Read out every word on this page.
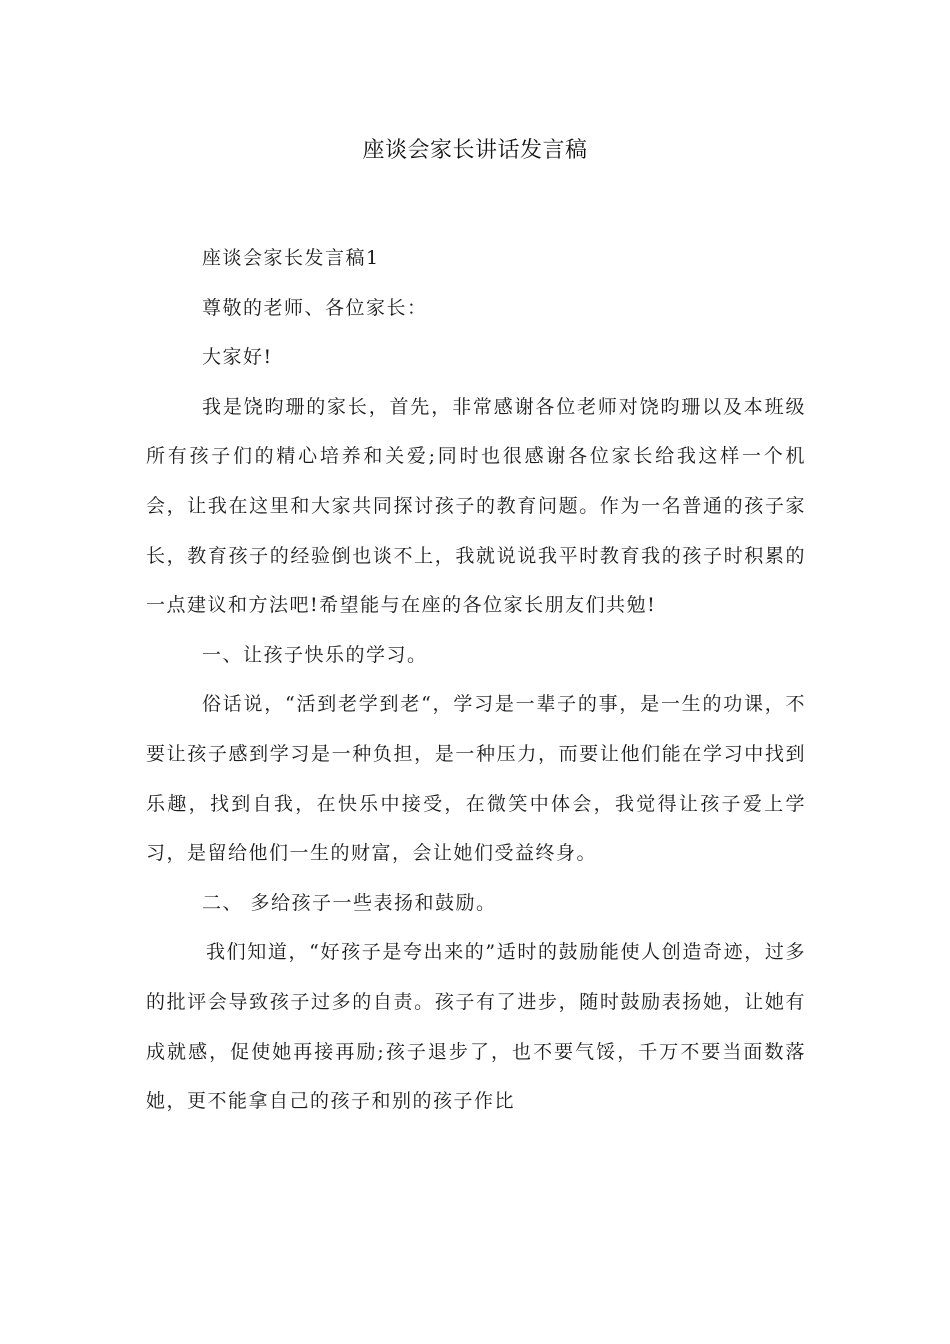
座谈会家长讲话发言稿

座谈会家长发言稿1

尊敬的老师、各位家长：

大家好!

我是饶昀珊的家长，首先，非常感谢各位老师对饶昀珊以及本班级所有孩子们的精心培养和关爱;同时也很感谢各位家长给我这样一个机会，让我在这里和大家共同探讨孩子的教育问题。作为一名普通的孩子家长，教育孩子的经验倒也谈不上，我就说说我平时教育我的孩子时积累的一点建议和方法吧!希望能与在座的各位家长朋友们共勉!

一、让孩子快乐的学习。

俗话说，“活到老学到老“，学习是一辈子的事，是一生的功课，不要让孩子感到学习是一种负担，是一种压力，而要让他们能在学习中找到乐趣，找到自我，在快乐中接受，在微笑中体会，我觉得让孩子爱上学习，是留给他们一生的财富，会让她们受益终身。

二、 多给孩子一些表扬和鼓励。

我们知道，“好孩子是夸出来的”适时的鼓励能使人创造奇迹，过多的批评会导致孩子过多的自责。孩子有了进步，随时鼓励表扬她，让她有成就感，促使她再接再励;孩子退步了，也不要气馁，千万不要当面数落她，更不能拿自己的孩子和别的孩子作比
